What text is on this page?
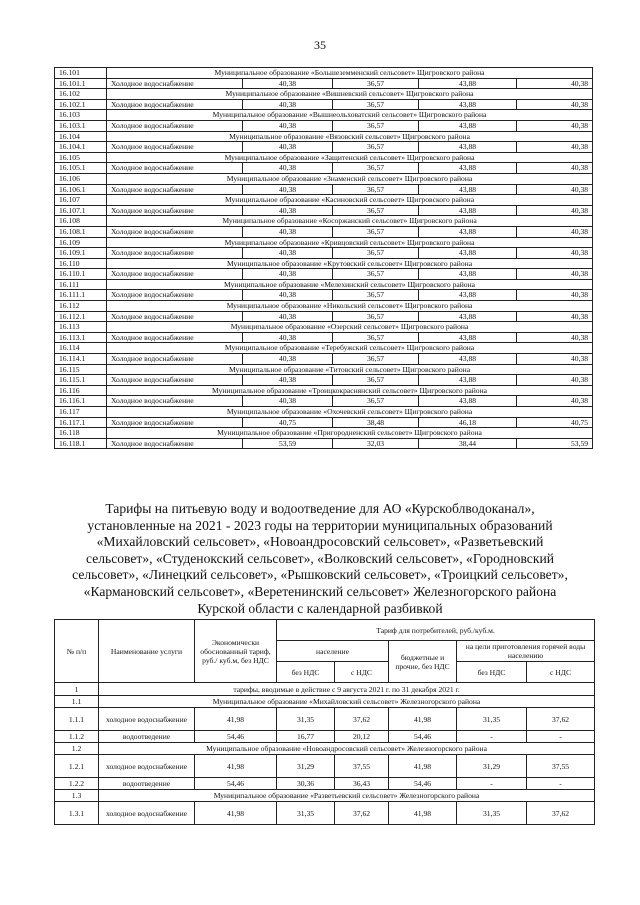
35
16.101	Муниципальное образование «Большеземменский сельсовет» Щигровского района				
16.101.1	Холодное водоснабжение	40,38	36,57	43,88	40,38
16.102	Муниципальное образование «Вишневский сельсовет» Щигровского района				
16.102.1	Холодное водоснабжение	40,38	36,57	43,88	40,38
16.103	Муниципальное образование «Вышнеольховатский сельсовет» Щигровского района				
16.103.1	Холодное водоснабжение	40,38	36,57	43,88	40,38
16.104	Муниципальное образование «Вязовский сельсовет» Щигровского района				
16.104.1	Холодное водоснабжение	40,38	36,57	43,88	40,38
16.105	Муниципальное образование «Защитенский сельсовет» Щигровского района				
16.105.1	Холодное водоснабжение	40,38	36,57	43,88	40,38
16.106	Муниципальное образование «Знаменский сельсовет» Щигровского района				
16.106.1	Холодное водоснабжение	40,38	36,57	43,88	40,38
16.107	Муниципальное образование «Касиновский сельсовет» Щигровского района				
16.107.1	Холодное водоснабжение	40,38	36,57	43,88	40,38
16.108	Муниципальное образование «Косоржанский сельсовет» Щигровского района				
16.108.1	Холодное водоснабжение	40,38	36,57	43,88	40,38
16.109	Муниципальное образование «Кривцовский сельсовет» Щигровского района				
16.109.1	Холодное водоснабжение	40,38	36,57	43,88	40,38
16.110	Муниципальное образование «Крутовский сельсовет» Щигровского района				
16.110.1	Холодное водоснабжение	40,38	36,57	43,88	40,38
16.111	Муниципальное образование «Мелехинский сельсовет» Щигровского района				
16.111.1	Холодное водоснабжение	40,38	36,57	43,88	40,38
16.112	Муниципальное образование «Никольский сельсовет» Щигровского района				
16.112.1	Холодное водоснабжение	40,38	36,57	43,88	40,38
16.113	Муниципальное образование «Озерский сельсовет» Щигровского района				
16.113.1	Холодное водоснабжение	40,38	36,57	43,88	40,38
16.114	Муниципальное образование «Теребужский сельсовет» Щигровского района				
16.114.1	Холодное водоснабжение	40,38	36,57	43,88	40,38
16.115	Муниципальное образование «Титовский сельсовет» Щигровского района				
16.115.1	Холодное водоснабжение	40,38	36,57	43,88	40,38
16.116	Муниципальное образование «Троицкокраснянский сельсовет» Щигровского района				
16.116.1	Холодное водоснабжение	40,38	36,57	43,88	40,38
16.117	Муниципальное образование «Охочевский сельсовет» Щигровского района				
16.117.1	Холодное водоснабжение	40,75	38,48	46,18	40,75
16.118	Муниципальное образование «Пригородненский сельсовет» Щигровского района				
16.118.1	Холодное водоснабжение	53,59	32,03	38,44	53,59
Тарифы на питьевую воду и водоотведение для АО «Курскоблводоканал»,
установленные на 2021 - 2023 годы на территории муниципальных образований
«Михайловский сельсовет», «Новоандросовский сельсовет», «Разветьевский
сельсовет», «Студенокский сельсовет», «Волковский сельсовет», «Городновский
сельсовет», «Линецкий сельсовет», «Рышковский сельсовет», «Троицкий сельсовет»,
«Кармановский сельсовет», «Веретенинский сельсовет» Железногорского района
Курской области с календарной разбивкой
№ п/п	Наименование услуги	Экономически обоснованный тариф, руб./ куб.м, без НДС	Тариф для потребителей, руб./куб.м.				
			население		бюджетные и прочие, без НДС	на цели приготовления горячей воды населению	
			без НДС	с НДС		без НДС	с НДС
1	тарифы, вводимые в действие с 9 августа 2021 г. по 31 декабря 2021 г.						
1.1	Муниципальное образование «Михайловский сельсовет» Железногорского района						
1.1.1	холодное водоснабжение	41,98	31,35	37,62	41,98	31,35	37,62
1.1.2	водоотведение	54,46	16,77	20,12	54,46	-	-
1.2	Муниципальное образование «Новоандросовский сельсовет» Железногорского района						
1.2.1	холодное водоснабжение	41,98	31,29	37,55	41,98	31,29	37,55
1.2.2	водоотведение	54,46	30,36	36,43	54,46	-	-
1.3	Муниципальное образование «Разветьевский сельсовет» Железногорского района						
1.3.1	холодное водоснабжение	41,98	31,35	37,62	41,98	31,35	37,62
